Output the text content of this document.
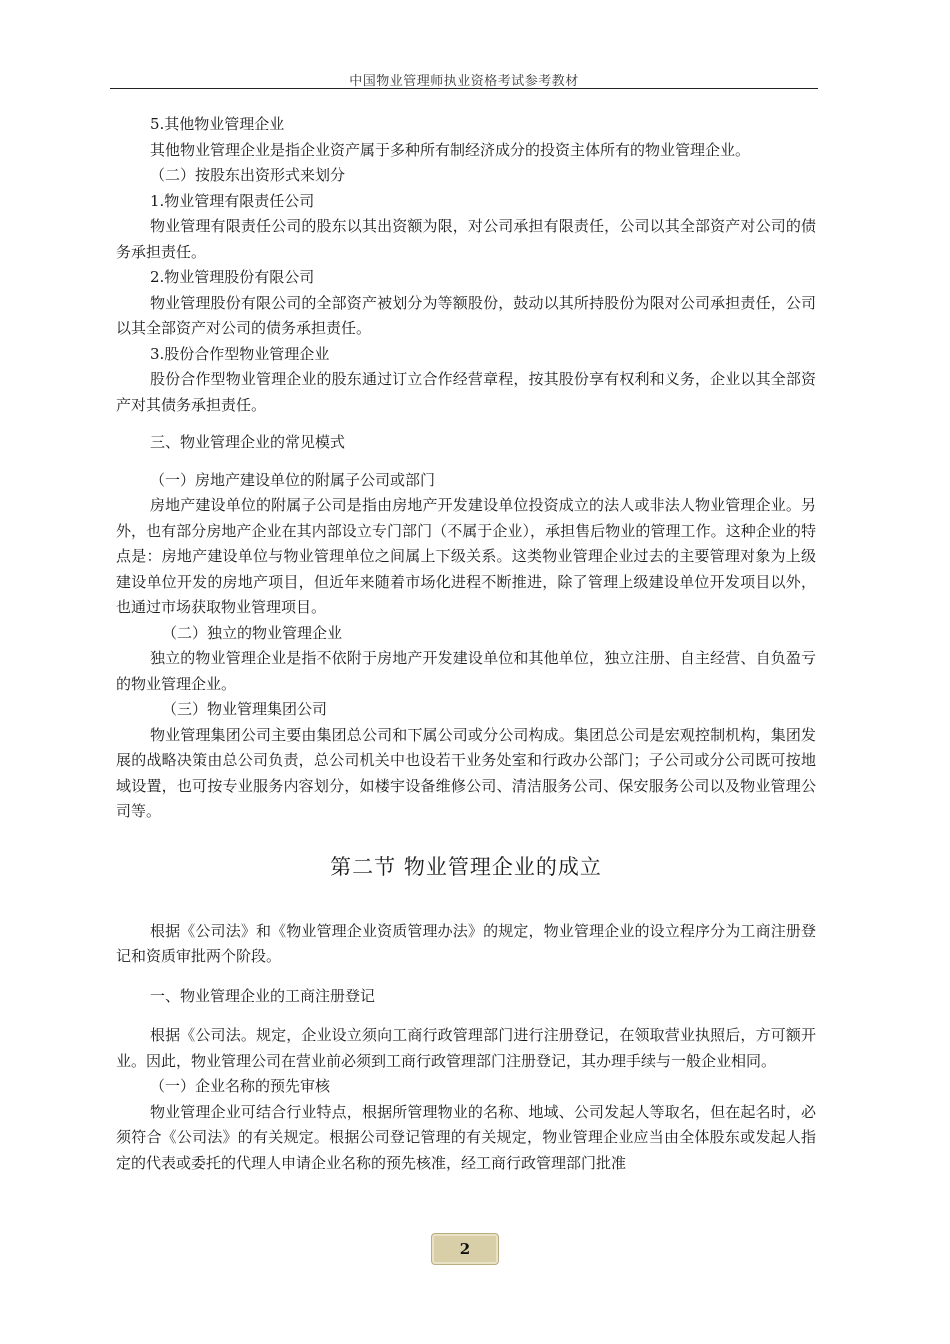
中国物业管理师执业资格考试参考教材

5.其他物业管理企业

其他物业管理企业是指企业资产属于多种所有制经济成分的投资主体所有的物业管理企业。

（二）按股东出资形式来划分

1.物业管理有限责任公司

物业管理有限责任公司的股东以其出资额为限，对公司承担有限责任，公司以其全部资产对公司的债务承担责任。

2.物业管理股份有限公司

物业管理股份有限公司的全部资产被划分为等额股份，鼓动以其所持股份为限对公司承担责任，公司以其全部资产对公司的债务承担责任。

3.股份合作型物业管理企业

股份合作型物业管理企业的股东通过订立合作经营章程，按其股份享有权利和义务，企业以其全部资产对其债务承担责任。

三、物业管理企业的常见模式

（一）房地产建设单位的附属子公司或部门

房地产建设单位的附属子公司是指由房地产开发建设单位投资成立的法人或非法人物业管理企业。另外，也有部分房地产企业在其内部设立专门部门（不属于企业），承担售后物业的管理工作。这种企业的特点是：房地产建设单位与物业管理单位之间属上下级关系。这类物业管理企业过去的主要管理对象为上级建设单位开发的房地产项目，但近年来随着市场化进程不断推进，除了管理上级建设单位开发项目以外，也通过市场获取物业管理项目。

（二）独立的物业管理企业

独立的物业管理企业是指不依附于房地产开发建设单位和其他单位，独立注册、自主经营、自负盈亏的物业管理企业。

（三）物业管理集团公司

物业管理集团公司主要由集团总公司和下属公司或分公司构成。集团总公司是宏观控制机构，集团发展的战略决策由总公司负责，总公司机关中也设若干业务处室和行政办公部门；子公司或分公司既可按地域设置，也可按专业服务内容划分，如楼宇设备维修公司、清洁服务公司、保安服务公司以及物业管理公司等。

第二节 物业管理企业的成立

根据《公司法》和《物业管理企业资质管理办法》的规定，物业管理企业的设立程序分为工商注册登记和资质审批两个阶段。

一、物业管理企业的工商注册登记

根据《公司法。规定，企业设立须向工商行政管理部门进行注册登记，在领取营业执照后，方可额开业。因此，物业管理公司在营业前必须到工商行政管理部门注册登记，其办理手续与一般企业相同。

（一）企业名称的预先审核

物业管理企业可结合行业特点，根据所管理物业的名称、地域、公司发起人等取名，但在起名时，必须符合《公司法》的有关规定。根据公司登记管理的有关规定，物业管理企业应当由全体股东或发起人指定的代表或委托的代理人申请企业名称的预先核准，经工商行政管理部门批准

2
